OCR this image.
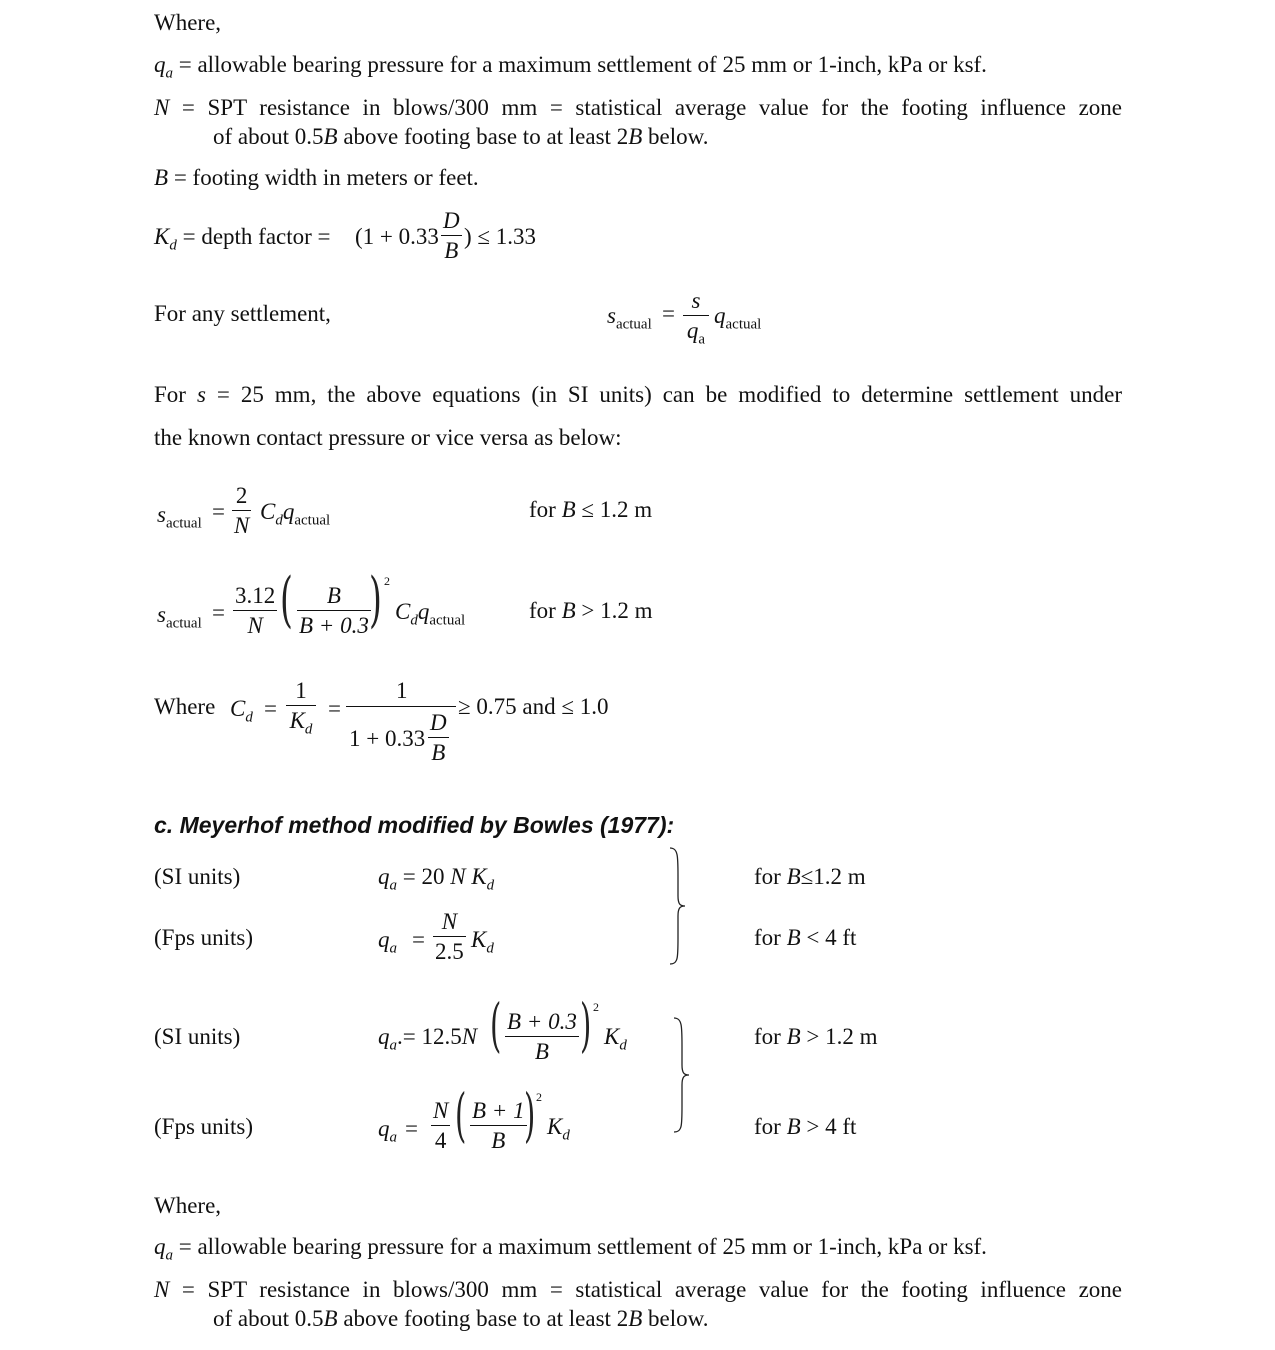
Where,
$q_a$ = allowable bearing pressure for a maximum settlement of 25 mm or 1-inch, kPa or ksf.
N = SPT resistance in blows/300 mm = statistical average value for the footing influence zone
of about 0.5B above footing base to at least 2B below.
B = footing width in meters or feet.
$K_d$ = depth factor = (1 + 0.33
D
B
) ≤ 1.33
For any settlement,	$s_{actual}$ =
s
$q_a$
$q_{actual}$
For s = 25 mm, the above equations (in SI units) can be modified to determine settlement under
the known contact pressure or vice versa as below:
$s_{actual}$ =
2
N
$C_dq_{actual}$	for B ≤ 1.2 m
$s_{actual}$ =
3.12
N ( B
B + 0.3 ) 2
$C_dq_{actual}$	for B > 1.2 m
Where $C_d$ =
1
$K_d$
=
1
1 + 0.33
D
B
≥ 0.75 and ≤ 1.0
c. Meyerhof method modified by Bowles (1977):
(SI units)	$q_a = 20$ N $K_d$	for B≤1.2 m
(Fps units)	$q_a$ =
N
2.5 $K_d$	for B < 4 ft
(SI units)	$q_a.= 12.5N$ ( B + 0.3
B ) 2
$K_d$	for B > 1.2 m
(Fps units)	$q_a$ =
N
4 ( B + 1
B ) 2
$K_d$	for B > 4 ft
Where,
$q_a$ = allowable bearing pressure for a maximum settlement of 25 mm or 1-inch, kPa or ksf.
N = SPT resistance in blows/300 mm = statistical average value for the footing influence zone
of about 0.5B above footing base to at least 2B below.
